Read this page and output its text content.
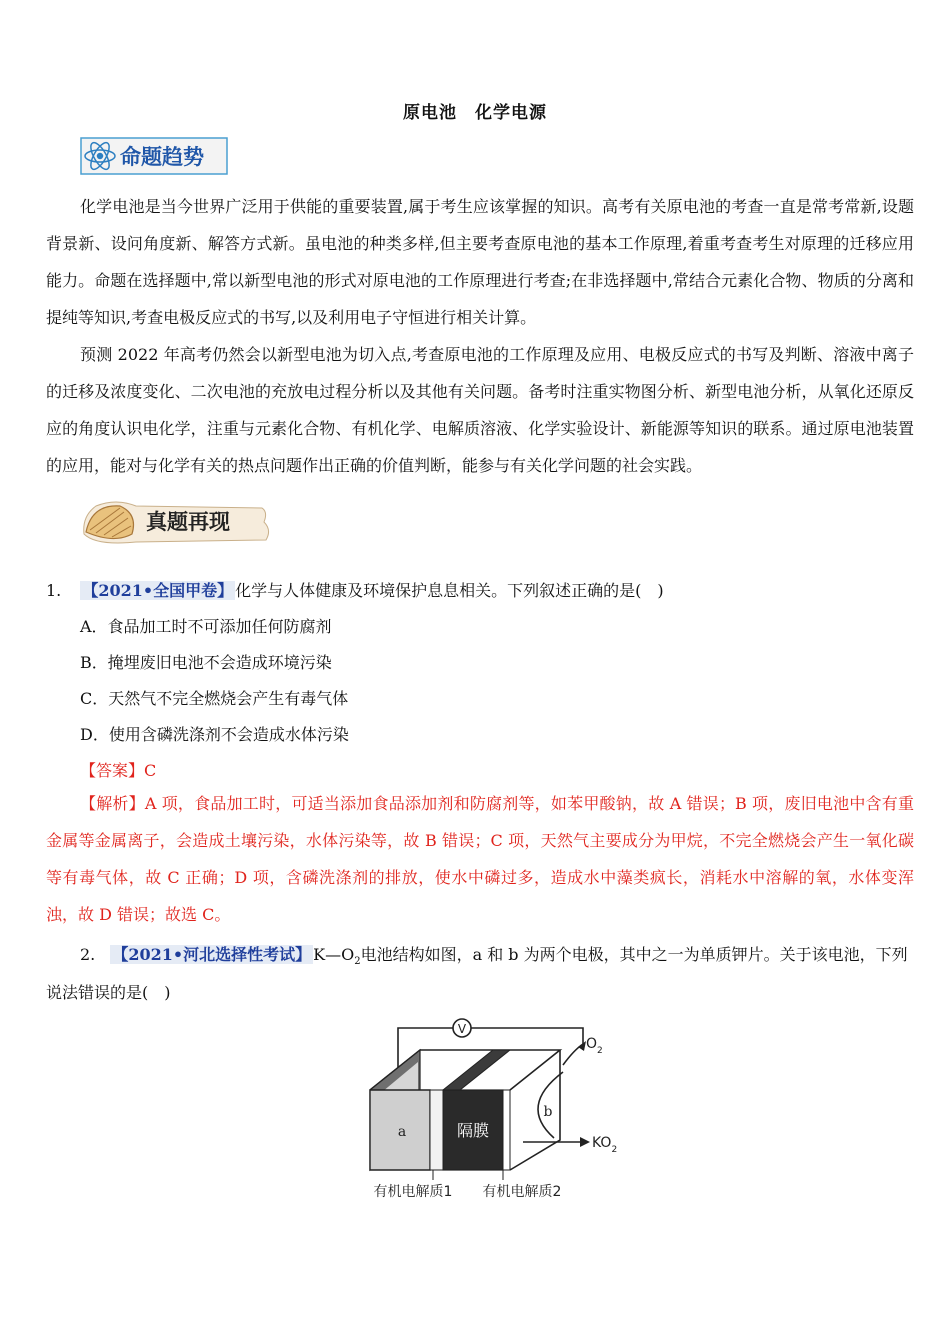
原电池　化学电源
命题趋势
化学电池是当今世界广泛用于供能的重要装置,属于考生应该掌握的知识。高考有关原电池的考查一直是常考常新,设题背景新、设问角度新、解答方式新。虽电池的种类多样,但主要考查原电池的基本工作原理,着重考查考生对原理的迁移应用能力。命题在选择题中,常以新型电池的形式对原电池的工作原理进行考查;在非选择题中,常结合元素化合物、物质的分离和提纯等知识,考查电极反应式的书写,以及利用电子守恒进行相关计算。
预测 2022 年高考仍然会以新型电池为切入点,考查原电池的工作原理及应用、电极反应式的书写及判断、溶液中离子的迁移及浓度变化、二次电池的充放电过程分析以及其他有关问题。备考时注重实物图分析、新型电池分析，从氧化还原反应的角度认识电化学，注重与元素化合物、有机化学、电解质溶液、化学实验设计、新能源等知识的联系。通过原电池装置的应用，能对与化学有关的热点问题作出正确的价值判断，能参与有关化学问题的社会实践。
真题再现
1. 【2021•全国甲卷】 化学与人体健康及环境保护息息相关。下列叙述正确的是(　)
A．食品加工时不可添加任何防腐剂
B．掩埋废旧电池不会造成环境污染
C．天然气不完全燃烧会产生有毒气体
D．使用含磷洗涤剂不会造成水体污染
【答案】C
【解析】A 项，食品加工时，可适当添加食品添加剂和防腐剂等，如苯甲酸钠，故 A 错误；B 项，废旧电池中含有重金属等金属离子，会造成土壤污染，水体污染等，故 B 错误；C 项，天然气主要成分为甲烷，不完全燃烧会产生一氧化碳等有毒气体，故 C 正确；D 项，含磷洗涤剂的排放，使水中磷过多，造成水中藻类疯长，消耗水中溶解的氧，水体变浑浊，故 D 错误；故选 C。
2. 【2021•河北选择性考试】 $K—O_2$电池结构如图，a 和 b 为两个电极，其中之一为单质钾片。关于该电池，下列
说法错误的是(　)
V
a	隔膜
b
$O_2$
$KO_2$
有机电解质1 有机电解质2
